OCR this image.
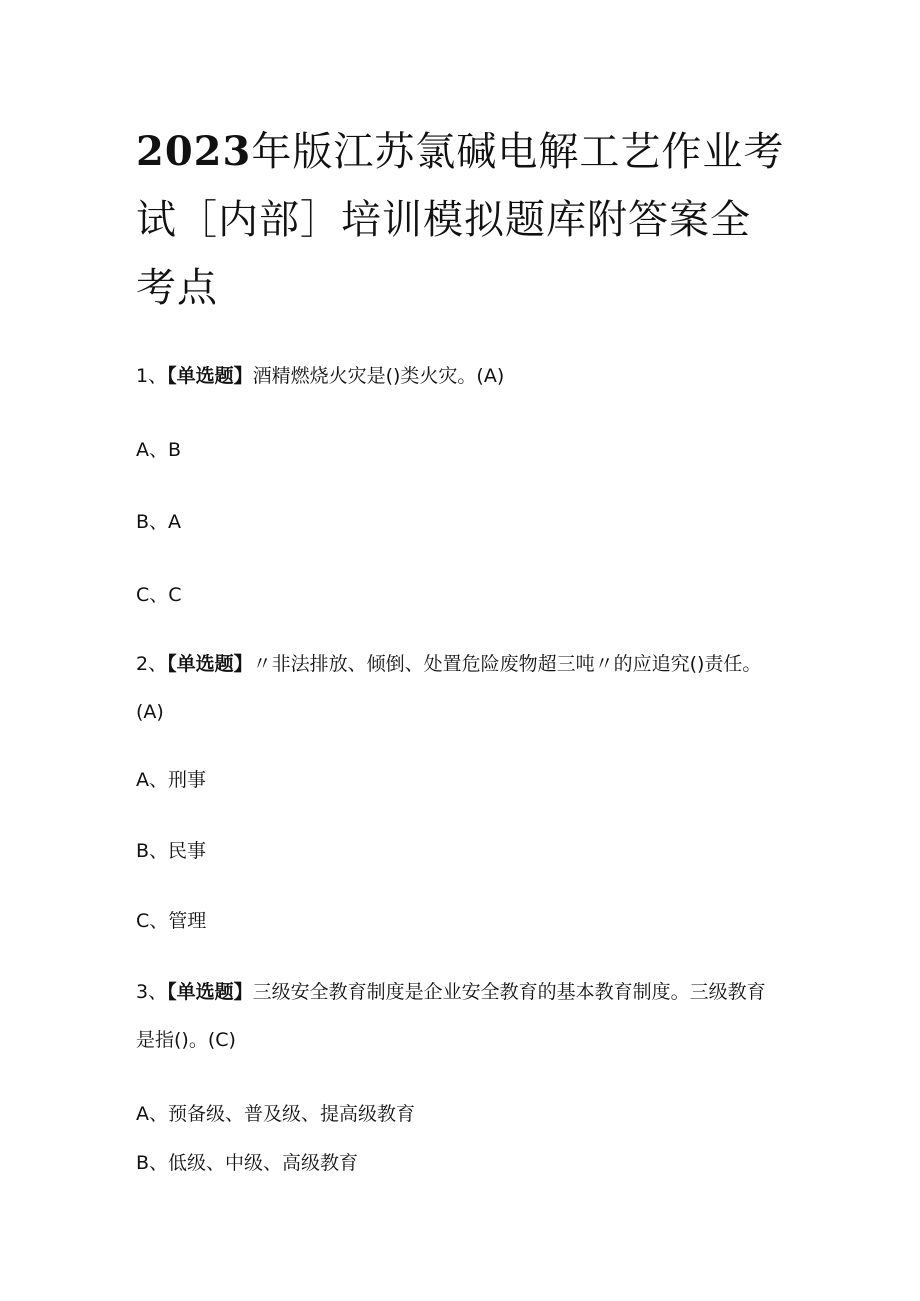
2023年版江苏氯碱电解工艺作业考试［内部］培训模拟题库附答案全考点
1、【单选题】酒精燃烧火灾是()类火灾。(A)
A、B
B、A
C、C
2、【单选题】〃非法排放、倾倒、处置危险废物超三吨〃的应追究()责任。(A)
A、刑事
B、民事
C、管理
3、【单选题】三级安全教育制度是企业安全教育的基本教育制度。三级教育是指()。(C)
A、预备级、普及级、提高级教育
B、低级、中级、高级教育
